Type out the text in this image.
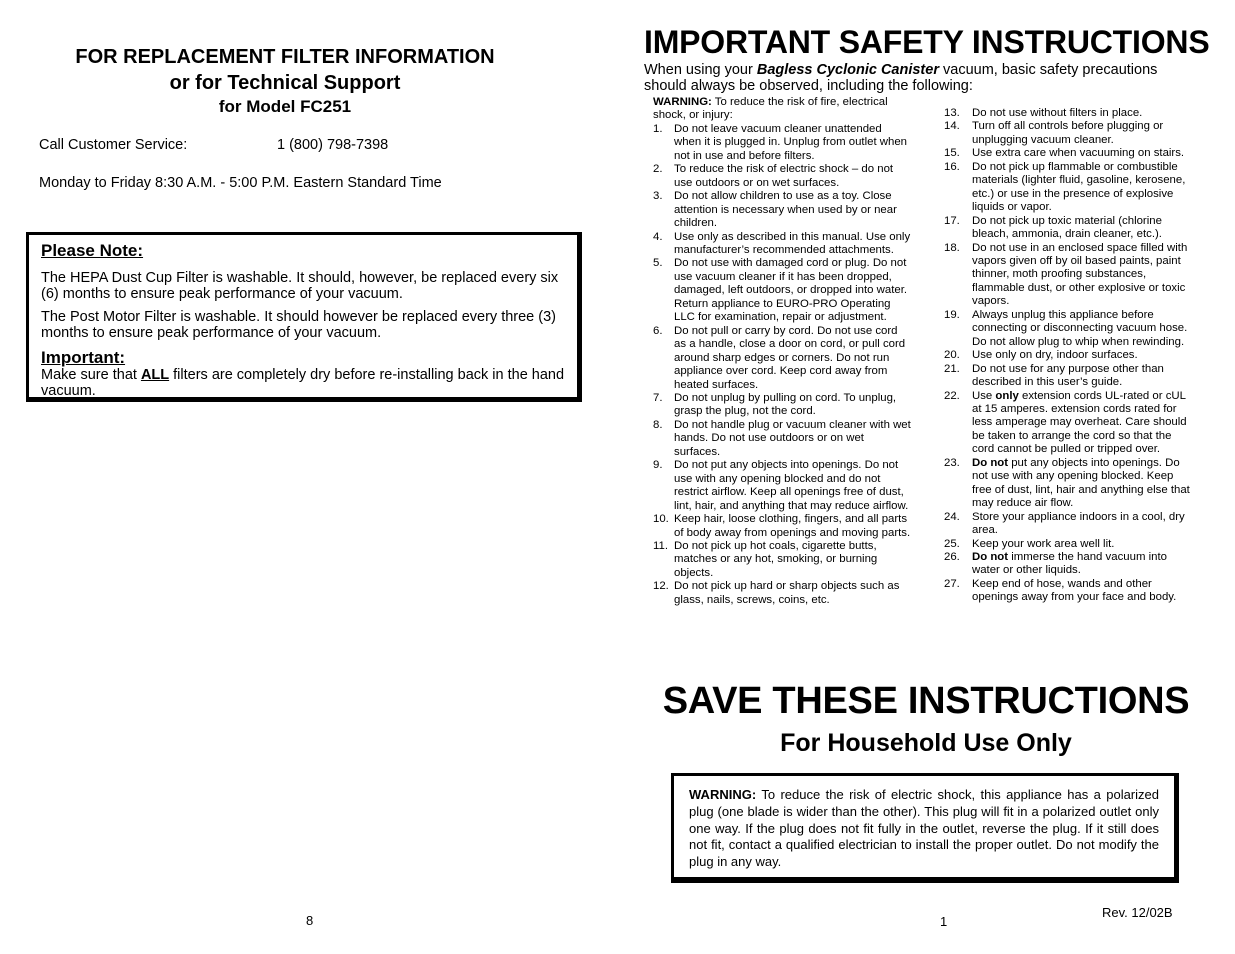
FOR REPLACEMENT FILTER INFORMATION
or for Technical Support
for Model FC251
Call Customer Service:	1 (800) 798-7398
Monday to Friday 8:30 A.M. - 5:00 P.M. Eastern Standard Time
Please Note:

The HEPA Dust Cup Filter is washable. It should, however, be replaced every six (6) months to ensure peak performance of your vacuum.

The Post Motor Filter is washable. It should however be replaced every three (3) months to ensure peak performance of your vacuum.

Important:
Make sure that ALL filters are completely dry before re-installing back in the hand vacuum.
8
IMPORTANT SAFETY INSTRUCTIONS
When using your Bagless Cyclonic Canister vacuum, basic safety precautions should always be observed, including the following:
WARNING: To reduce the risk of fire, electrical shock, or injury:
1. Do not leave vacuum cleaner unattended when it is plugged in. Unplug from outlet when not in use and before filters.
2. To reduce the risk of electric shock – do not use outdoors or on wet surfaces.
3. Do not allow children to use as a toy. Close attention is necessary when used by or near children.
4. Use only as described in this manual. Use only manufacturer’s recommended attachments.
5. Do not use with damaged cord or plug. Do not use vacuum cleaner if it has been dropped, damaged, left outdoors, or dropped into water. Return appliance to EURO-PRO Operating LLC for examination, repair or adjustment.
6. Do not pull or carry by cord. Do not use cord as a handle, close a door on cord, or pull cord around sharp edges or corners. Do not run appliance over cord. Keep cord away from heated surfaces.
7. Do not unplug by pulling on cord. To unplug, grasp the plug, not the cord.
8. Do not handle plug or vacuum cleaner with wet hands. Do not use outdoors or on wet surfaces.
9. Do not put any objects into openings. Do not use with any opening blocked and do not restrict airflow. Keep all openings free of dust, lint, hair, and anything that may reduce airflow.
10. Keep hair, loose clothing, fingers, and all parts of body away from openings and moving parts.
11. Do not pick up hot coals, cigarette butts, matches or any hot, smoking, or burning objects.
12. Do not pick up hard or sharp objects such as glass, nails, screws, coins, etc.
13. Do not use without filters in place.
14. Turn off all controls before plugging or unplugging vacuum cleaner.
15. Use extra care when vacuuming on stairs.
16. Do not pick up flammable or combustible materials (lighter fluid, gasoline, kerosene, etc.) or use in the presence of explosive liquids or vapor.
17. Do not pick up toxic material (chlorine bleach, ammonia, drain cleaner, etc.).
18. Do not use in an enclosed space filled with vapors given off by oil based paints, paint thinner, moth proofing substances, flammable dust, or other explosive or toxic vapors.
19. Always unplug this appliance before connecting or disconnecting vacuum hose. Do not allow plug to whip when rewinding.
20. Use only on dry, indoor surfaces.
21. Do not use for any purpose other than described in this user’s guide.
22. Use only extension cords UL-rated or cUL at 15 amperes. extension cords rated for less amperage may overheat. Care should be taken to arrange the cord so that the cord cannot be pulled or tripped over.
23. Do not put any objects into openings. Do not use with any opening blocked. Keep free of dust, lint, hair and anything else that may reduce air flow.
24. Store your appliance indoors in a cool, dry area.
25. Keep your work area well lit.
26. Do not immerse the hand vacuum into water or other liquids.
27. Keep end of hose, wands and other openings away from your face and body.
SAVE THESE INSTRUCTIONS
For Household Use Only
WARNING: To reduce the risk of electric shock, this appliance has a polarized plug (one blade is wider than the other). This plug will fit in a polarized outlet only one way. If the plug does not fit fully in the outlet, reverse the plug. If it still does not fit, contact a qualified electrician to install the proper outlet. Do not modify the plug in any way.
Rev. 12/02B
1
